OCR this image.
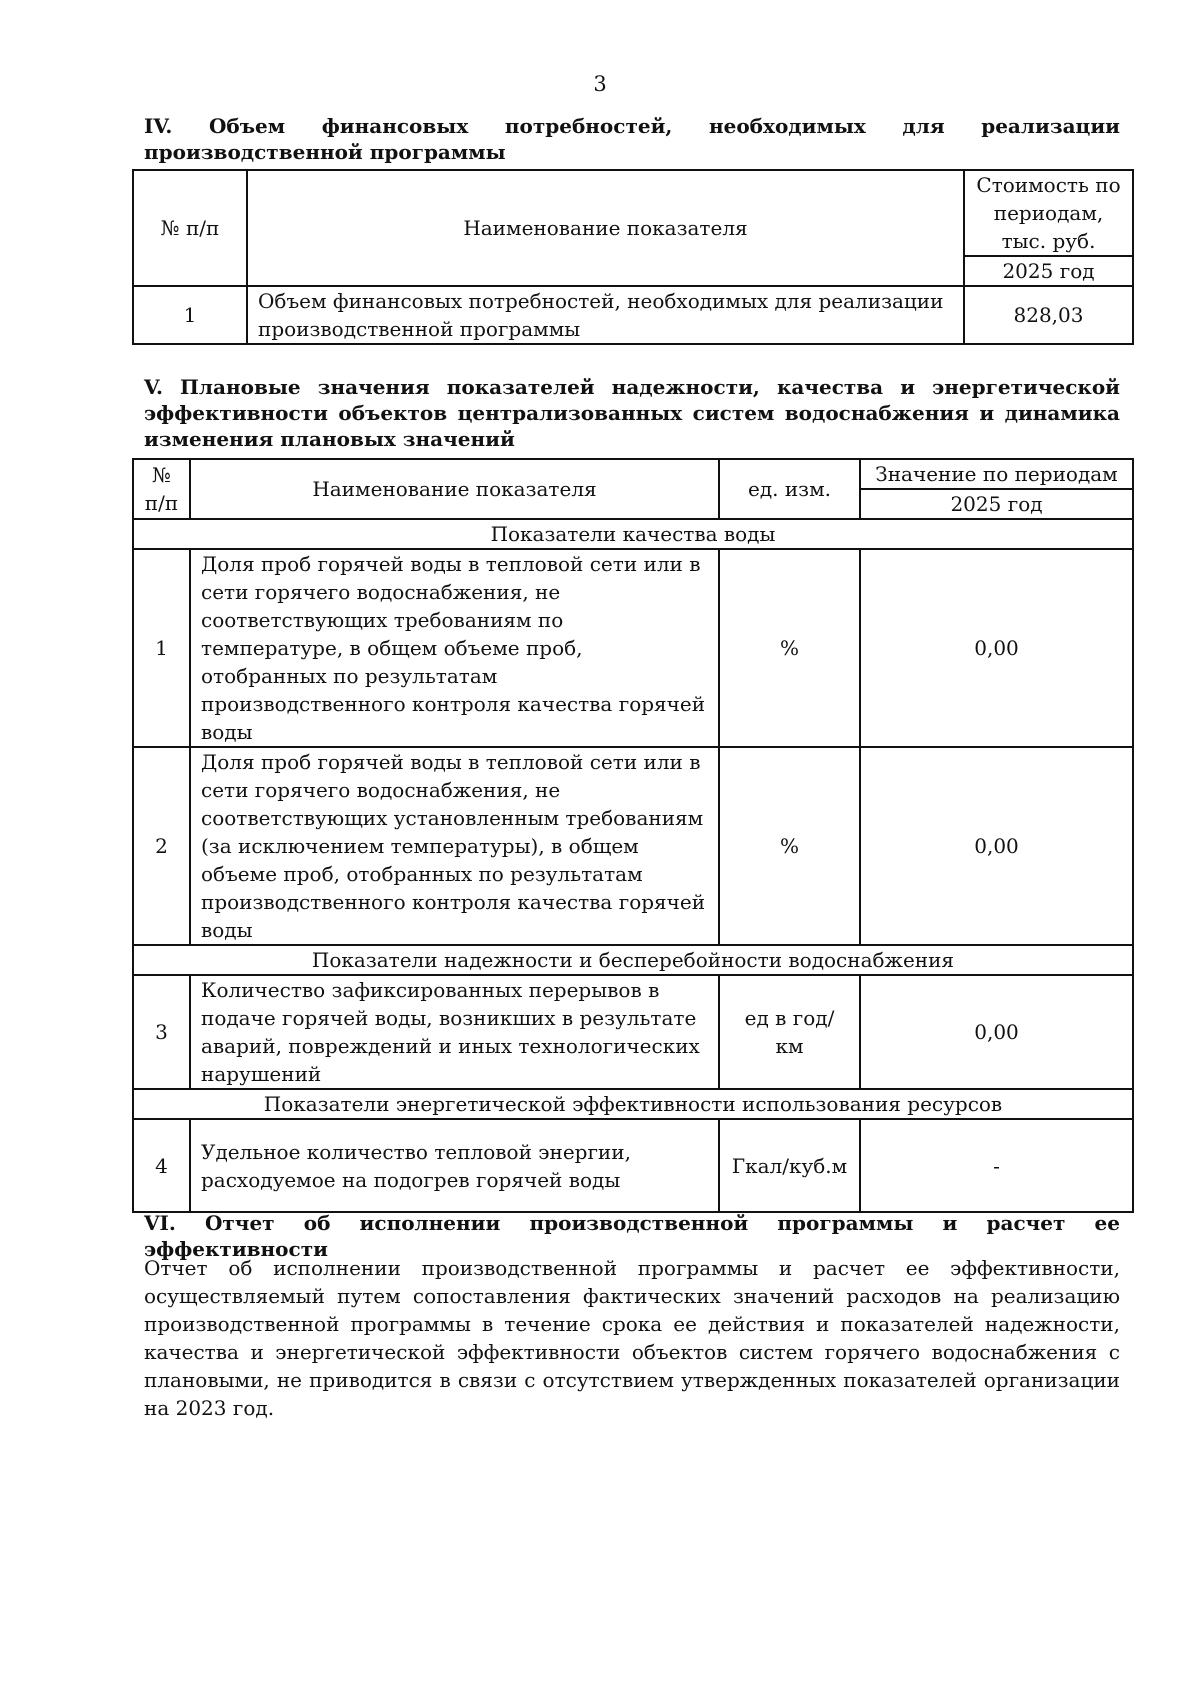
3
IV. Объем финансовых потребностей, необходимых для реализации производственной программы
№ п/п	Наименование показателя	Стоимость по периодам, тыс. руб.
		2025 год
1	Объем финансовых потребностей, необходимых для реализации производственной программы	828,03
V. Плановые значения показателей надежности, качества и энергетической эффективности объектов централизованных систем водоснабжения и динамика изменения плановых значений
№ п/п	Наименование показателя	ед. изм.	Значение по периодам
			2025 год
Показатели качества воды			
1	Доля проб горячей воды в тепловой сети или в сети горячего водоснабжения, не соответствующих требованиям по температуре, в общем объеме проб, отобранных по результатам производственного контроля качества горячей воды	%	0,00
2	Доля проб горячей воды в тепловой сети или в сети горячего водоснабжения, не соответствующих установленным требованиям (за исключением температуры), в общем объеме проб, отобранных по результатам производственного контроля качества горячей воды	%	0,00
Показатели надежности и бесперебойности водоснабжения			
3	Количество зафиксированных перерывов в подаче горячей воды, возникших в результате аварий, повреждений и иных технологических нарушений	ед в год/ км	0,00
Показатели энергетической эффективности использования ресурсов			
4	Удельное количество тепловой энергии, расходуемое на подогрев горячей воды	Гкал/куб.м	-
VI. Отчет об исполнении производственной программы и расчет ее эффективности
Отчет об исполнении производственной программы и расчет ее эффективности, осуществляемый путем сопоставления фактических значений расходов на реализацию производственной программы в течение срока ее действия и показателей надежности, качества и энергетической эффективности объектов систем горячего водоснабжения с плановыми, не приводится в связи с отсутствием утвержденных показателей организации на 2023 год.
